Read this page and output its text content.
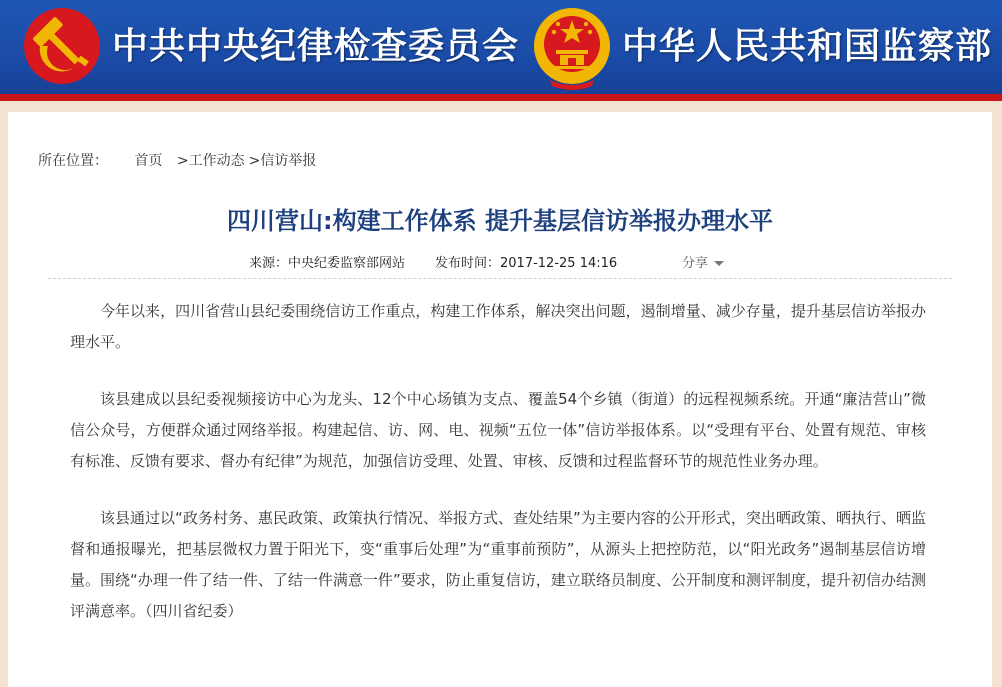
中共中央纪律检查委员会	中华人民共和国监察部
所在位置： 首页 >工作动态 >信访举报
四川营山:构建工作体系 提升基层信访举报办理水平
来源：中央纪委监察部网站 发布时间：2017-12-25 14:16	分享

今年以来，四川省营山县纪委围绕信访工作重点，构建工作体系，解决突出问题，遏制增量、减少存量，提升基层信访举报办理水平。

该县建成以县纪委视频接访中心为龙头、12个中心场镇为支点、覆盖54个乡镇（街道）的远程视频系统。开通“廉洁营山”微信公众号，方便群众通过网络举报。构建起信、访、网、电、视频“五位一体”信访举报体系。以“受理有平台、处置有规范、审核有标准、反馈有要求、督办有纪律”为规范，加强信访受理、处置、审核、反馈和过程监督环节的规范性业务办理。

该县通过以“政务村务、惠民政策、政策执行情况、举报方式、查处结果”为主要内容的公开形式，突出晒政策、晒执行、晒监督和通报曝光，把基层微权力置于阳光下，变“重事后处理”为“重事前预防”，从源头上把控防范，以“阳光政务”遏制基层信访增量。围绕“办理一件了结一件、了结一件满意一件”要求，防止重复信访，建立联络员制度、公开制度和测评制度，提升初信办结测评满意率。（四川省纪委）
